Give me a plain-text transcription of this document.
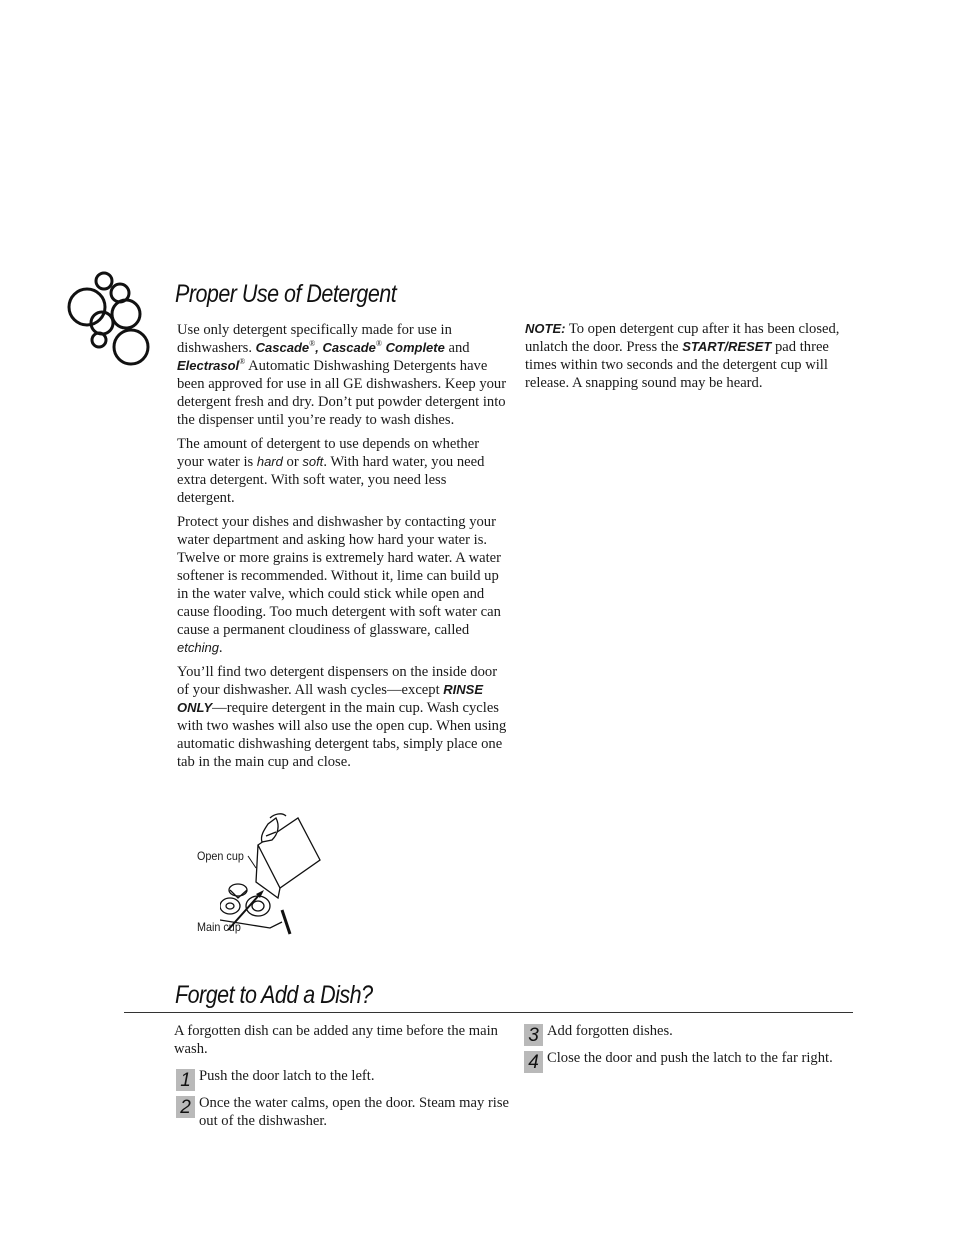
Proper Use of Detergent

Use only detergent specifically made for use in dishwashers. Cascade®, Cascade® Complete and Electrasol® Automatic Dishwashing Detergents have been approved for use in all GE dishwashers. Keep your detergent fresh and dry. Don’t put powder detergent into the dispenser until you’re ready to wash dishes.

The amount of detergent to use depends on whether your water is hard or soft. With hard water, you need extra detergent. With soft water, you need less detergent.

Protect your dishes and dishwasher by contacting your water department and asking how hard your water is. Twelve or more grains is extremely hard water. A water softener is recommended. Without it, lime can build up in the water valve, which could stick while open and cause flooding. Too much detergent with soft water can cause a permanent cloudiness of glassware, called etching.

You’ll find two detergent dispensers on the inside door of your dishwasher. All wash cycles—except RINSE ONLY—require detergent in the main cup. Wash cycles with two washes will also use the open cup. When using automatic dishwashing detergent tabs, simply place one tab in the main cup and close.

NOTE: To open detergent cup after it has been closed, unlatch the door. Press the START/RESET pad three times within two seconds and the detergent cup will release. A snapping sound may be heard.
Open cup
Main cup
Forget to Add a Dish?
A forgotten dish can be added any time before the main wash.
1 Push the door latch to the left.
2 Once the water calms, open the door. Steam may rise out of the dishwasher.
3 Add forgotten dishes.
4 Close the door and push the latch to the far right.
